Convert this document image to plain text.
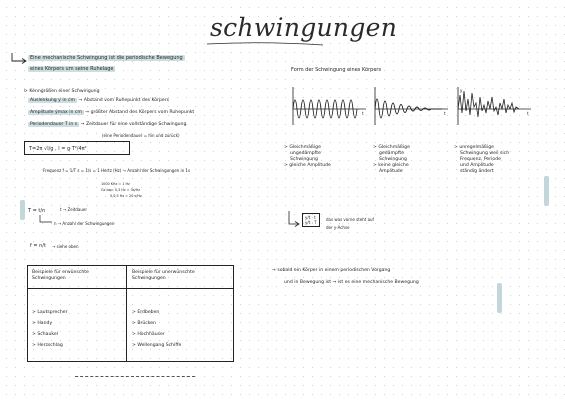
schwingungen
Eine mechanische Schwingung ist die periodische Bewegung
eines Körpers um seine Ruhelage
⊳ Kenngrößen einer Schwingung
Auslenkung y in cm → Abstand vom Ruhepunkt des Körpers
Amplitude ŷmax in cm → größter Abstand des Körpers vom Ruhepunkt
Periodendauer T in s → Zeitdauer für eine vollständige Schwingung
(eine Periodendauer = hin und zurück)
T=2π √l/g , l = g·T²/4π²
Frequenz f = 1/T s = 1/s = 1 Hertz (Hz) → Anzahl der Schwingungen in 1s
1000 KHz = 1 Hz
Gz bsp: 0,3 Hz = 3s/Hz
0,0,5 Hz = 20 s/Hz
T = t/n	t → Zeitdauer
n → Anzahl der Schwingungen
f = n/t → siehe oben
Beispiele für erwünschte Schwingungen
Beispiele für unerwünschte Schwingungen
> Lautsprecher
> Handy
> Schaukel
> Herzschlag
> Erdbeben
> Brücken
> Hochhäuser
> Wellengang Schiffe
Form der Schwingung eines Körpers
t	t
y
t
> Gleichmäßige
ungedämpfte
Schwingung
> gleiche Amplitude
> Gleichmäßige
gedämpfte
Schwingung
> keine gleiche
Amplitude
> unregelmäßige
Schwingung weil sich
Frequenz, Periode
und Amplitude
ständig ändert
y/t · t
y/t · T
das was vorne steht auf
der y-Achse
→ sobald ein Körper in einem periodischen Vorgang
und in Bewegung ist → ist es eine mechanische Bewegung
